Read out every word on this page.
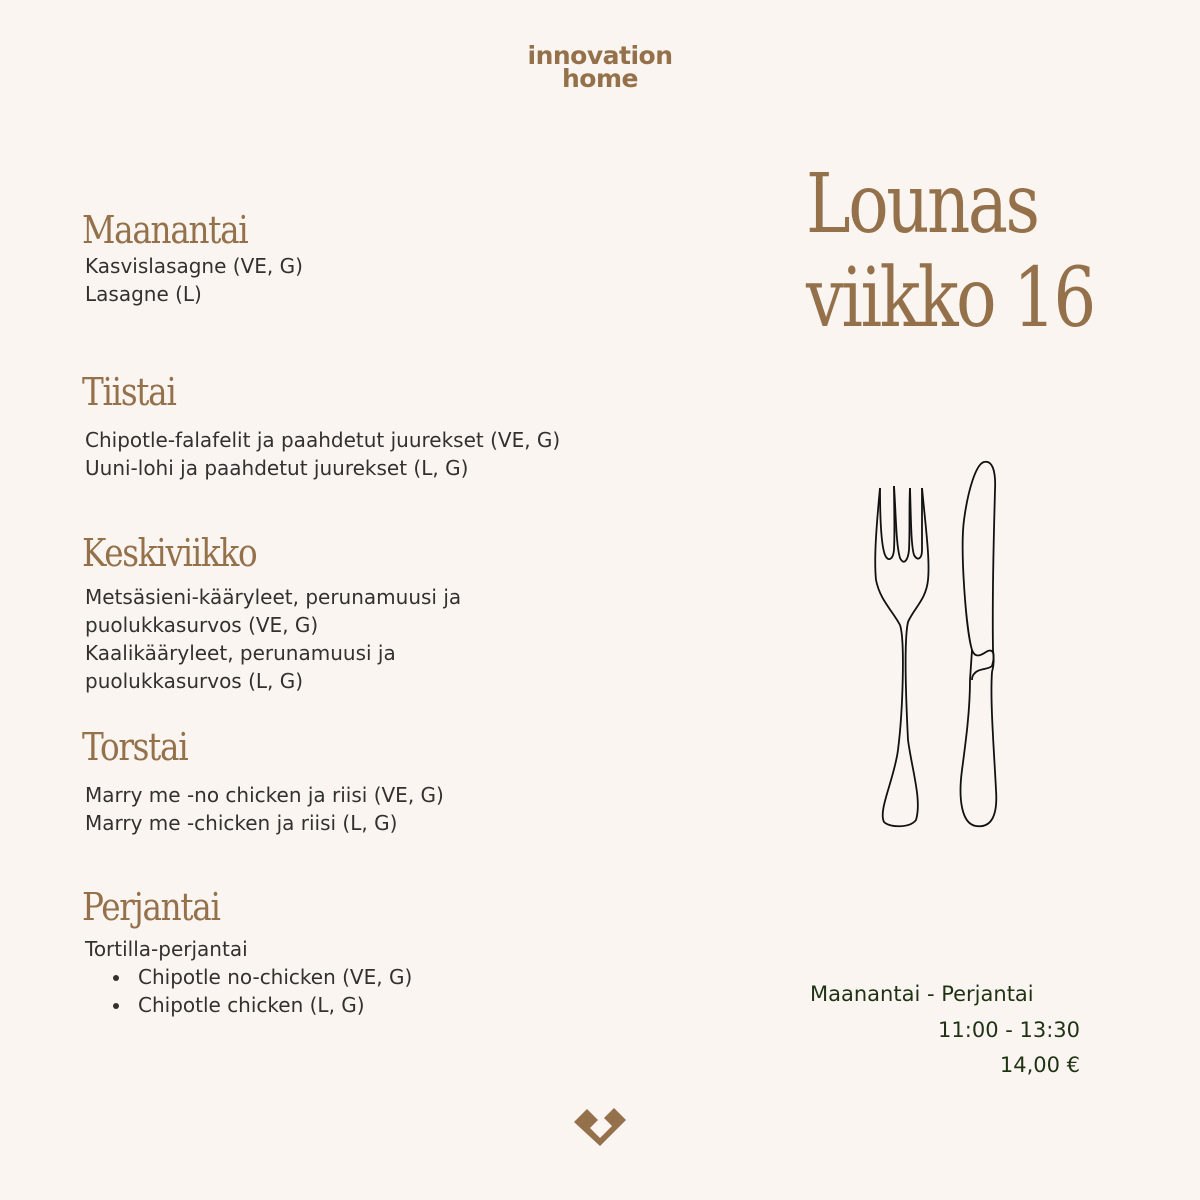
innovation
home
Maanantai
Kasvislasagne (VE, G)
Lasagne (L)
Tiistai
Chipotle-falafelit ja paahdetut juurekset (VE, G)
Uuni-lohi ja paahdetut juurekset (L, G)
Keskiviikko
Metsäsieni-kääryleet, perunamuusi ja
puolukkasurvos (VE, G)
Kaalikääryleet, perunamuusi ja
puolukkasurvos (L, G)
Torstai
Marry me -no chicken ja riisi (VE, G)
Marry me -chicken ja riisi (L, G)
Perjantai
Tortilla-perjantai
• Chipotle no-chicken (VE, G)
• Chipotle chicken (L, G)
Lounas
viikko 16
Maanantai - Perjantai
11:00 - 13:30
14,00 €
